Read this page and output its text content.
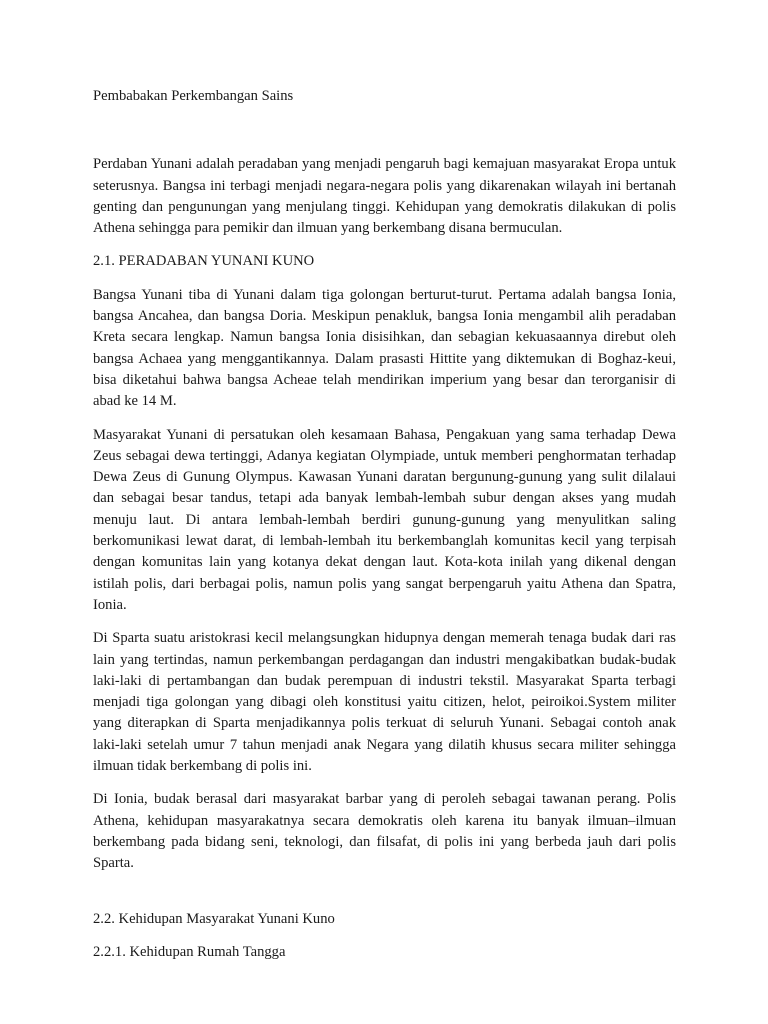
Pembabakan Perkembangan Sains

Perdaban Yunani adalah peradaban yang menjadi pengaruh bagi kemajuan masyarakat Eropa untuk seterusnya. Bangsa ini terbagi menjadi negara-negara polis yang dikarenakan wilayah ini bertanah genting dan pengunungan yang menjulang tinggi. Kehidupan yang demokratis dilakukan di polis Athena sehingga para pemikir dan ilmuan yang berkembang disana bermuculan.

2.1. PERADABAN YUNANI KUNO

Bangsa Yunani tiba di Yunani dalam tiga golongan berturut-turut. Pertama adalah bangsa Ionia, bangsa Ancahea, dan bangsa Doria. Meskipun penakluk, bangsa Ionia mengambil alih peradaban Kreta secara lengkap. Namun bangsa Ionia disisihkan, dan sebagian kekuasaannya direbut oleh bangsa Achaea yang menggantikannya. Dalam prasasti Hittite yang diktemukan di Boghaz-keui, bisa diketahui bahwa bangsa Acheae telah mendirikan imperium yang besar dan terorganisir di abad ke 14 M.

Masyarakat Yunani di persatukan oleh kesamaan Bahasa, Pengakuan yang sama terhadap Dewa Zeus sebagai dewa tertinggi, Adanya kegiatan Olympiade, untuk memberi penghormatan terhadap Dewa Zeus di Gunung Olympus. Kawasan Yunani daratan bergunung-gunung yang sulit dilalaui dan sebagai besar tandus, tetapi ada banyak lembah-lembah subur dengan akses yang mudah menuju laut. Di antara lembah-lembah berdiri gunung-gunung yang menyulitkan saling berkomunikasi lewat darat, di lembah-lembah itu berkembanglah komunitas kecil yang terpisah dengan komunitas lain yang kotanya dekat dengan laut. Kota-kota inilah yang dikenal dengan istilah polis, dari berbagai polis, namun polis yang sangat berpengaruh yaitu Athena dan Spatra, Ionia.

Di Sparta suatu aristokrasi kecil melangsungkan hidupnya dengan memerah tenaga budak dari ras lain yang tertindas, namun perkembangan perdagangan dan industri mengakibatkan budak-budak laki-laki di pertambangan dan budak perempuan di industri tekstil. Masyarakat Sparta terbagi menjadi tiga golongan yang dibagi oleh konstitusi yaitu citizen, helot, peiroikoi.System militer yang diterapkan di Sparta menjadikannya polis terkuat di seluruh Yunani. Sebagai contoh anak laki-laki setelah umur 7 tahun menjadi anak Negara yang dilatih khusus secara militer sehingga ilmuan tidak berkembang di polis ini.

Di Ionia, budak berasal dari masyarakat barbar yang di peroleh sebagai tawanan perang. Polis Athena, kehidupan masyarakatnya secara demokratis oleh karena itu banyak ilmuan–ilmuan berkembang pada bidang seni, teknologi, dan filsafat, di polis ini yang berbeda jauh dari polis Sparta.

2.2. Kehidupan Masyarakat Yunani Kuno

2.2.1. Kehidupan Rumah Tangga
